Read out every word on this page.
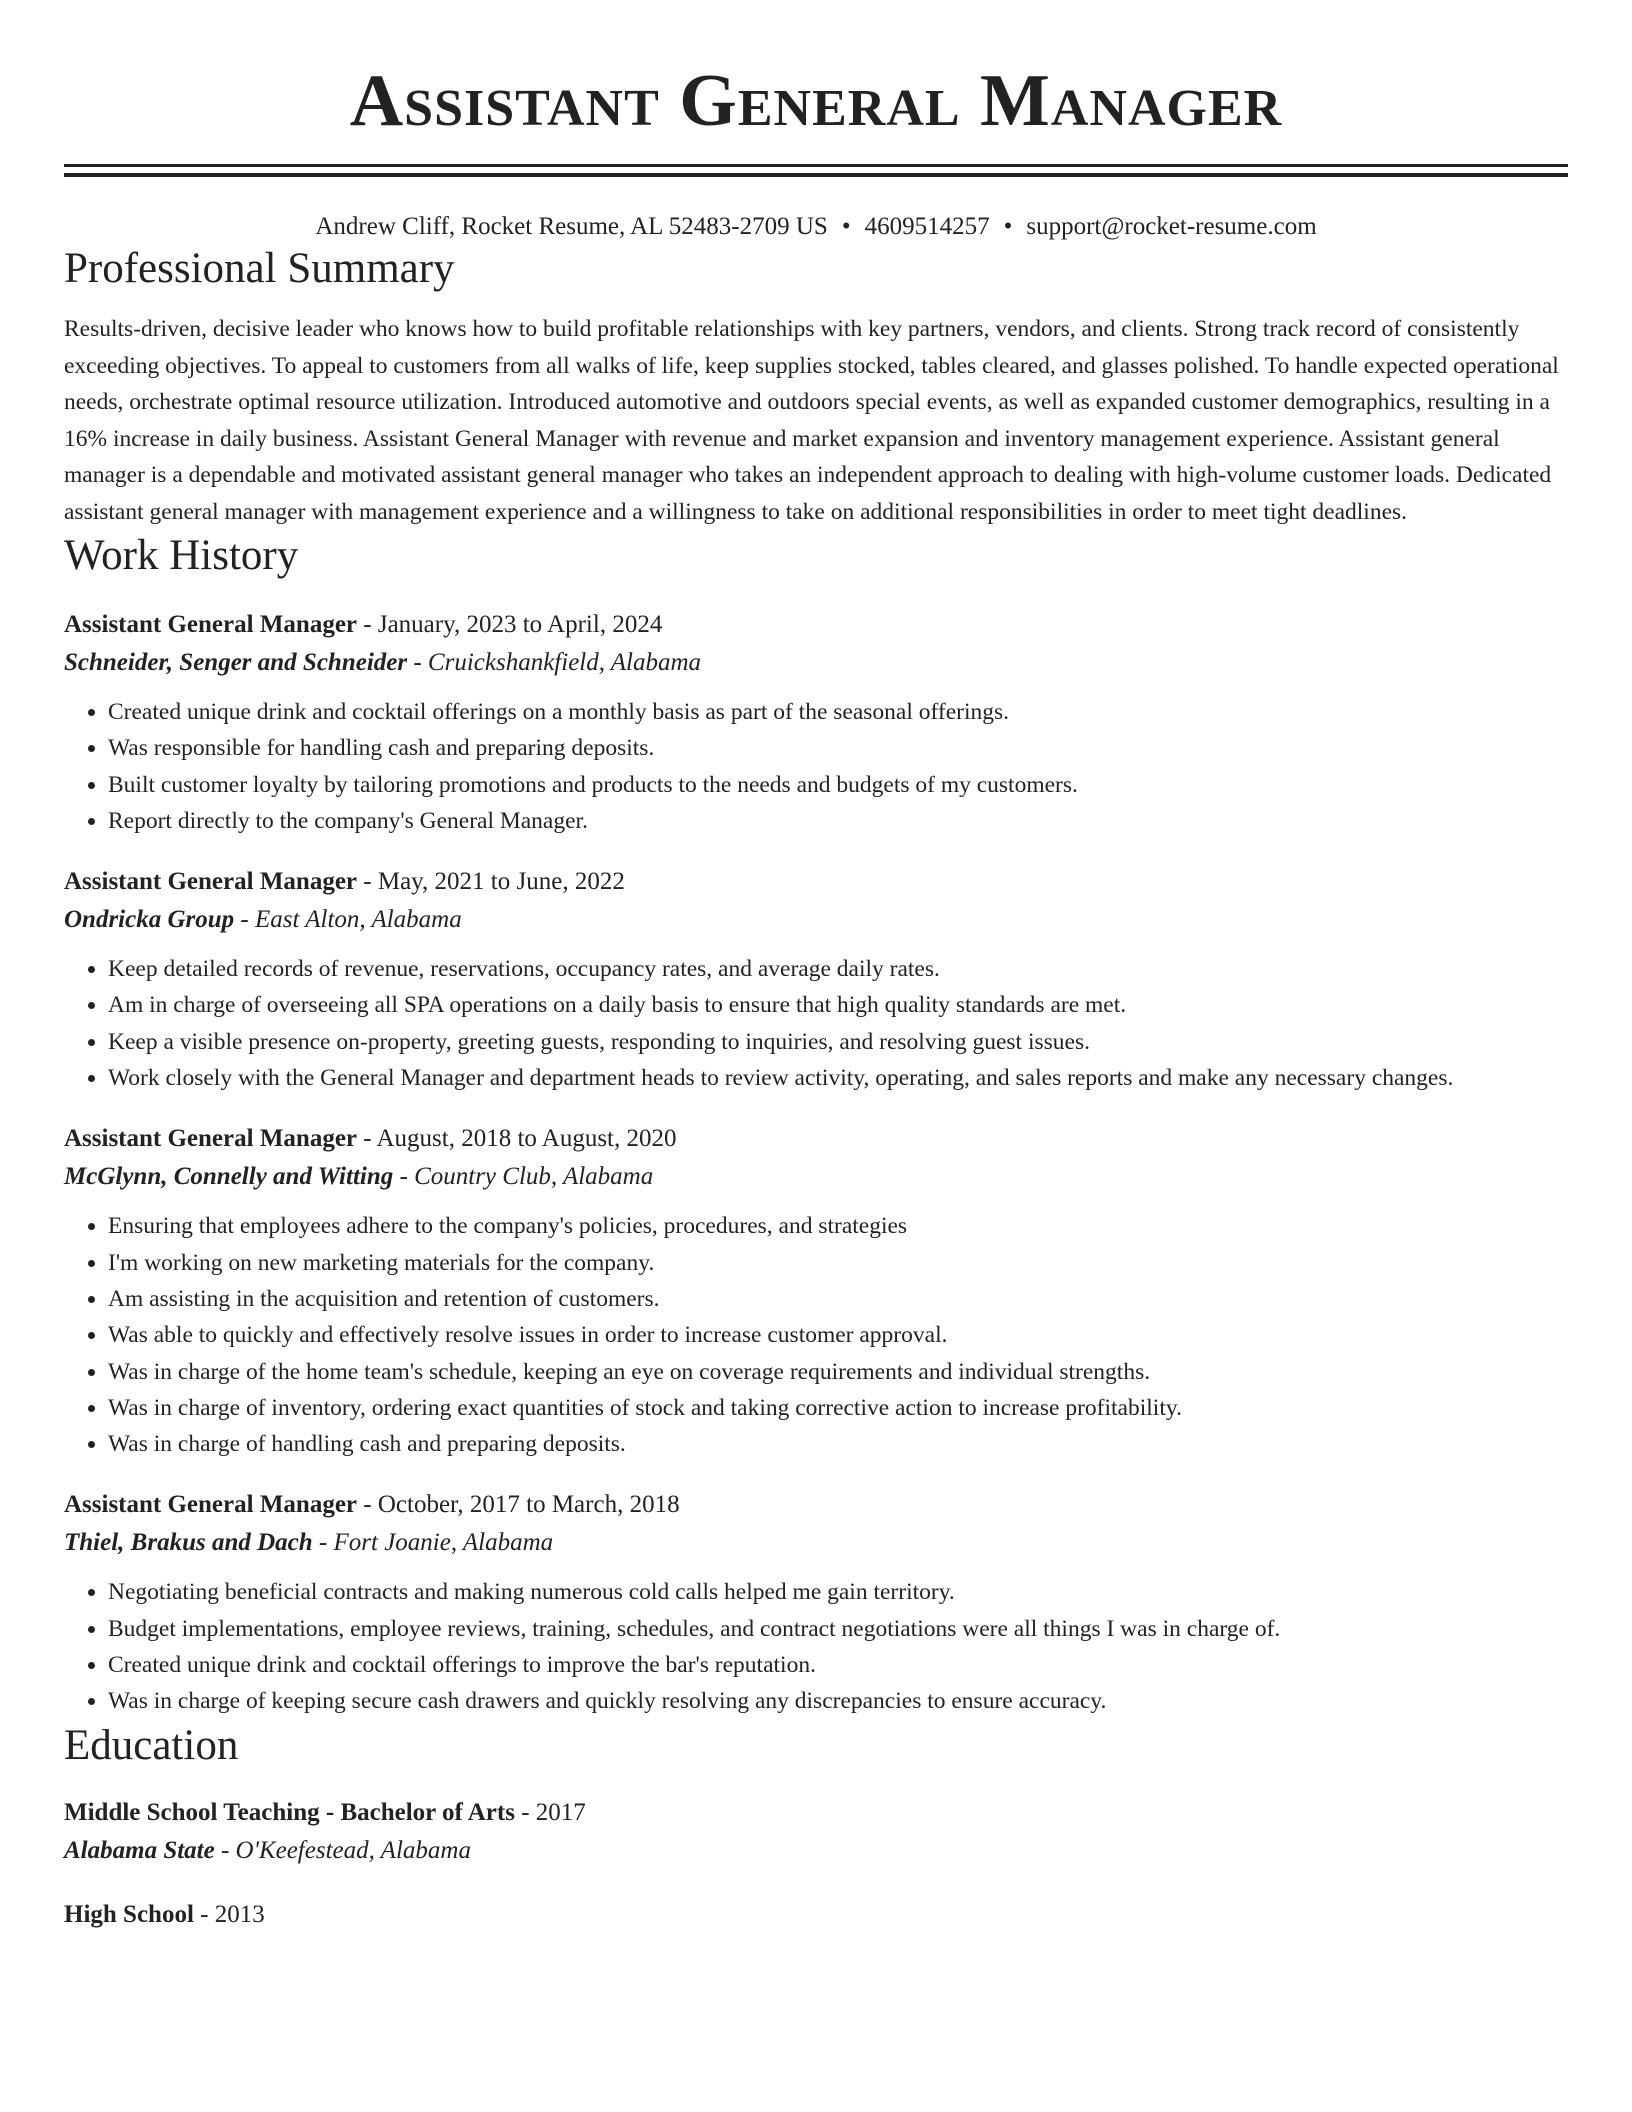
Assistant General Manager
Andrew Cliff, Rocket Resume, AL 52483-2709 US • 4609514257 • support@rocket-resume.com
Professional Summary
Results-driven, decisive leader who knows how to build profitable relationships with key partners, vendors, and clients. Strong track record of consistently exceeding objectives. To appeal to customers from all walks of life, keep supplies stocked, tables cleared, and glasses polished. To handle expected operational needs, orchestrate optimal resource utilization. Introduced automotive and outdoors special events, as well as expanded customer demographics, resulting in a 16% increase in daily business. Assistant General Manager with revenue and market expansion and inventory management experience. Assistant general manager is a dependable and motivated assistant general manager who takes an independent approach to dealing with high-volume customer loads. Dedicated assistant general manager with management experience and a willingness to take on additional responsibilities in order to meet tight deadlines.
Work History
Assistant General Manager - January, 2023 to April, 2024
Schneider, Senger and Schneider - Cruickshankfield, Alabama
• Created unique drink and cocktail offerings on a monthly basis as part of the seasonal offerings.
• Was responsible for handling cash and preparing deposits.
• Built customer loyalty by tailoring promotions and products to the needs and budgets of my customers.
• Report directly to the company's General Manager.
Assistant General Manager - May, 2021 to June, 2022
Ondricka Group - East Alton, Alabama
• Keep detailed records of revenue, reservations, occupancy rates, and average daily rates.
• Am in charge of overseeing all SPA operations on a daily basis to ensure that high quality standards are met.
• Keep a visible presence on-property, greeting guests, responding to inquiries, and resolving guest issues.
• Work closely with the General Manager and department heads to review activity, operating, and sales reports and make any necessary changes.
Assistant General Manager - August, 2018 to August, 2020
McGlynn, Connelly and Witting - Country Club, Alabama
• Ensuring that employees adhere to the company's policies, procedures, and strategies
• I'm working on new marketing materials for the company.
• Am assisting in the acquisition and retention of customers.
• Was able to quickly and effectively resolve issues in order to increase customer approval.
• Was in charge of the home team's schedule, keeping an eye on coverage requirements and individual strengths.
• Was in charge of inventory, ordering exact quantities of stock and taking corrective action to increase profitability.
• Was in charge of handling cash and preparing deposits.
Assistant General Manager - October, 2017 to March, 2018
Thiel, Brakus and Dach - Fort Joanie, Alabama
• Negotiating beneficial contracts and making numerous cold calls helped me gain territory.
• Budget implementations, employee reviews, training, schedules, and contract negotiations were all things I was in charge of.
• Created unique drink and cocktail offerings to improve the bar's reputation.
• Was in charge of keeping secure cash drawers and quickly resolving any discrepancies to ensure accuracy.
Education
Middle School Teaching - Bachelor of Arts - 2017
Alabama State - O'Keefestead, Alabama
High School - 2013
